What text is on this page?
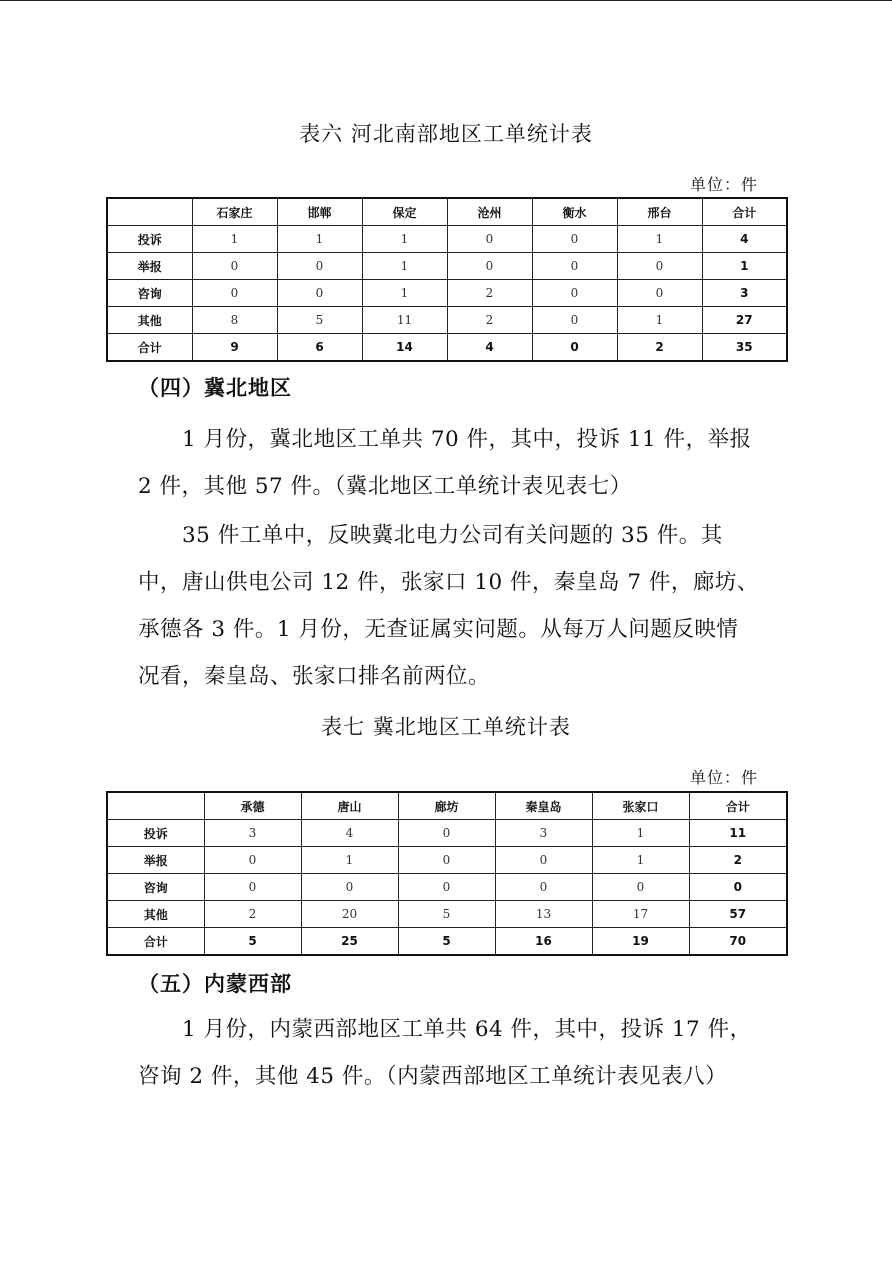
表六 河北南部地区工单统计表
单位：件
	石家庄	邯郸	保定	沧州	衡水	邢台	合计
投诉	1	1	1	0	0	1	4
举报	0	0	1	0	0	0	1
咨询	0	0	1	2	0	0	3
其他	8	5	11	2	0	1	27
合计	9	6	14	4	0	2	35
（四）冀北地区
1 月份，冀北地区工单共 70 件，其中，投诉 11 件，举报 2 件，其他 57 件。（冀北地区工单统计表见表七）
35 件工单中，反映冀北电力公司有关问题的 35 件。其中，唐山供电公司 12 件，张家口 10 件，秦皇岛 7 件，廊坊、承德各 3 件。1 月份，无查证属实问题。从每万人问题反映情况看，秦皇岛、张家口排名前两位。
表七 冀北地区工单统计表
单位：件
	承德	唐山	廊坊	秦皇岛	张家口	合计
投诉	3	4	0	3	1	11
举报	0	1	0	0	1	2
咨询	0	0	0	0	0	0
其他	2	20	5	13	17	57
合计	5	25	5	16	19	70
（五）内蒙西部
1 月份，内蒙西部地区工单共 64 件，其中，投诉 17 件，咨询 2 件，其他 45 件。（内蒙西部地区工单统计表见表八）
